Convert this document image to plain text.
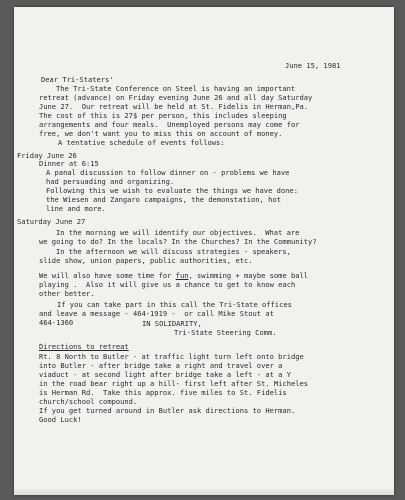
June 15, 1981

Dear Tri-Staters'

The Tri-State Conference on Steel is having an important

retreat (advance) on Friday evening June 26 and all day Saturday

June 27.  Our retreat will be held at St. Fidelis in Herman,Pa.

The cost of this is 27$ per person, this includes sleeping

arrangements and four meals.  Unemployed persons may come for

free, we don't want you to miss this on account of money.

A tentative schedule of events follows:

Friday June 26

Dinner at 6:15

A panal discussion to follow dinner on - problems we have

had persuading and organizing.

Following this we wish to evaluate the things we have done:

the Wiesen and Zangaro campaigns, the demonstation, hot

line and more.

Saturday June 27

In the morning we will identify our objectives.  What are

we going to do? In the locals? In the Churches? In the Community?

In the afternoon we will discuss strategies - speakers,

slide show, union papers, public authorities, etc.

We will also have some time for fun, swimming + maybe some ball

playing .  Also it will give us a chance to get to know each

other better.

If you can take part in this call the Tri-State offices

and leave a message - 464-1919 -  or call Mike Stout at

464-1360	IN SOLIDARITY,

Tri-State Steering Comm.

Directions to retreat

Rt. 8 North to Butler - at traffic light turn left onto bridge

into Butler - after bridge take a right and travel over a

viaduct - at second light after bridge take a left - at a Y

in the road bear right up a hill- first left after St. Micheles

is Herman Rd.  Take this approx. five miles to St. Fidelis

church/school compound.

If you get turned around in Butler ask directions to Herman.

Good Luck!
